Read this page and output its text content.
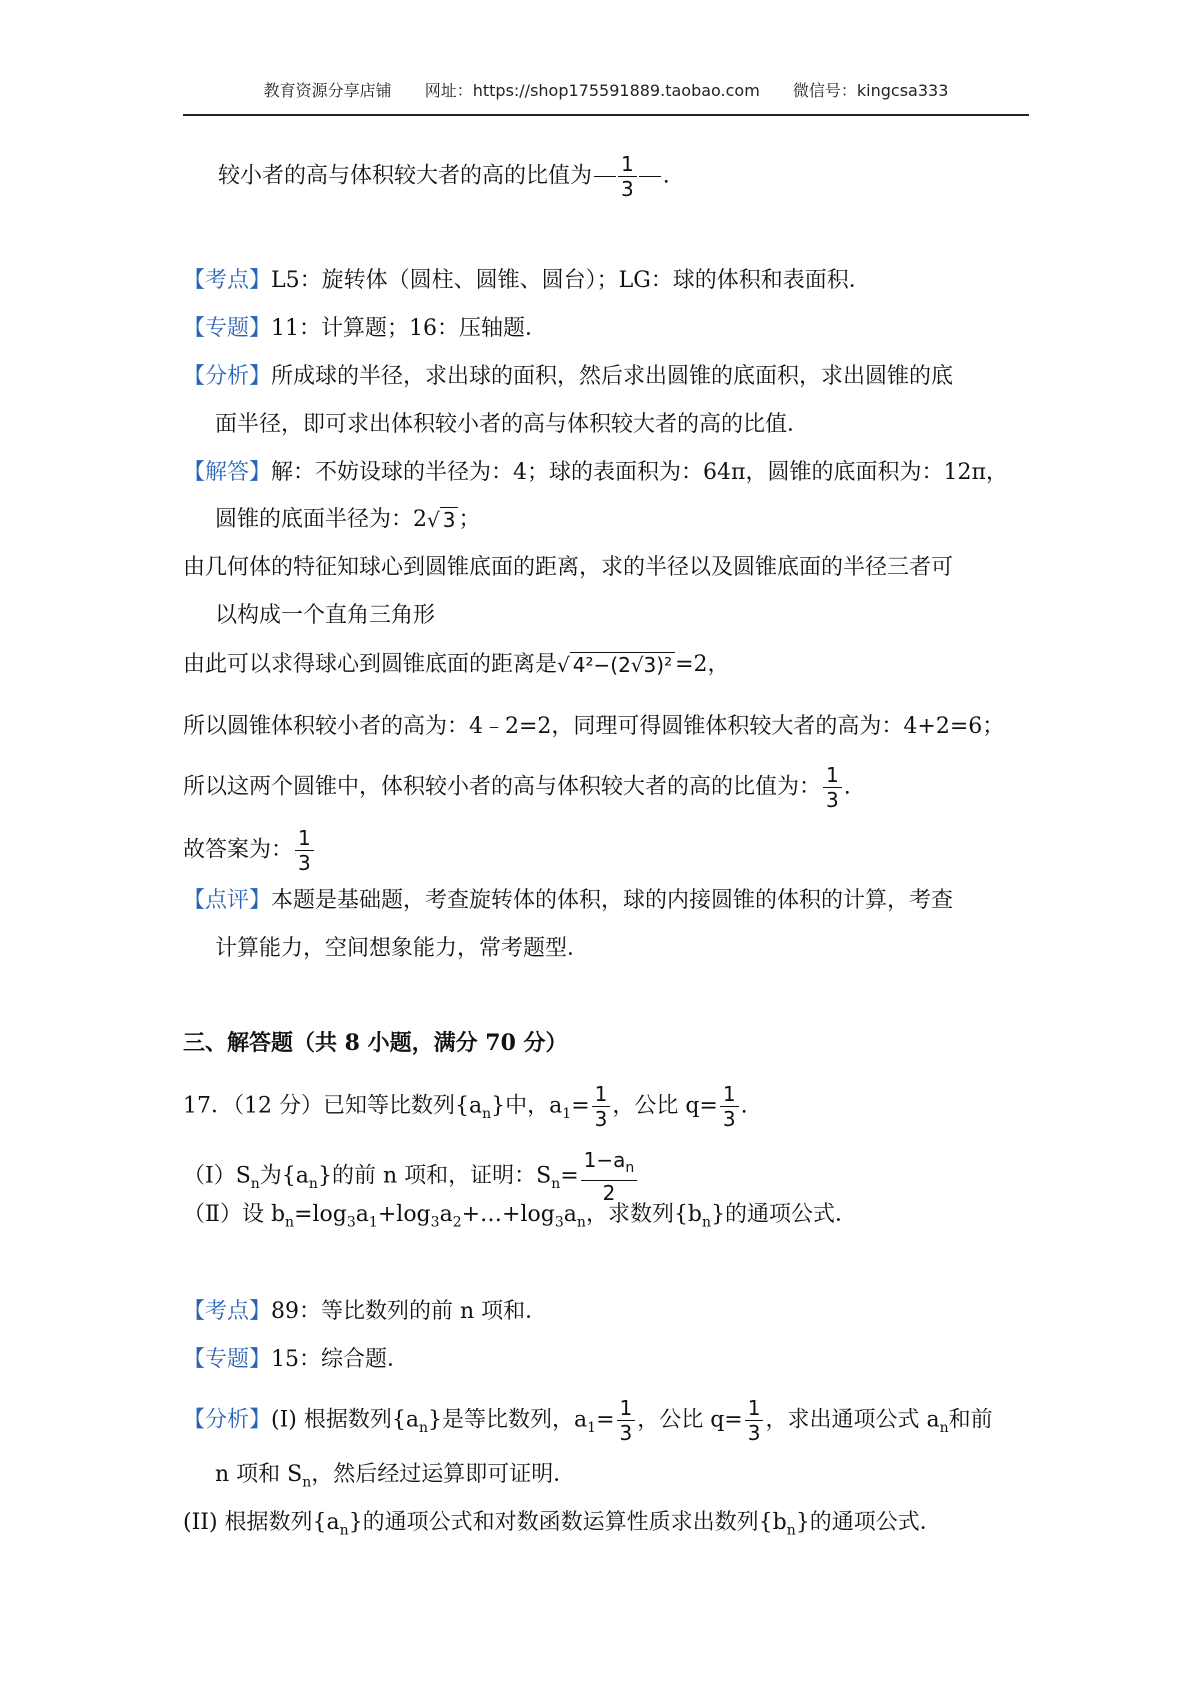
教育资源分享店铺 网址：https://shop175591889.taobao.com 微信号：kingcsa333
较小者的高与体积较大者的高的比值为 $\frac{1}{3}$ .
【考点】L5：旋转体（圆柱、圆锥、圆台）；LG：球的体积和表面积．
【专题】11：计算题；16：压轴题．
【分析】所成球的半径，求出球的面积，然后求出圆锥的底面积，求出圆锥的底
面半径，即可求出体积较小者的高与体积较大者的高的比值．
【解答】解：不妨设球的半径为：4；球的表面积为：64π，圆锥的底面积为：12π，
圆锥的底面半径为：2√ 3 ；
由几何体的特征知球心到圆锥底面的距离，求的半径以及圆锥底面的半径三者可
以构成一个直角三角形
由此可以求得球心到圆锥底面的距离是√ 4²−(2√3)² =2，
所以圆锥体积较小者的高为：4﹣2=2，同理可得圆锥体积较大者的高为：4+2=6；
所以这两个圆锥中，体积较小者的高与体积较大者的高的比值为： $\frac{1}{3}$ .
故答案为： $\frac{1}{3}$
【点评】本题是基础题，考查旋转体的体积，球的内接圆锥的体积的计算，考查
计算能力，空间想象能力，常考题型．
三、解答题（共 8 小题，满分 70 分）
17．（12 分）已知等比数列$\{a_n\}$中，$a_1= \frac{1}{3}$ ，公比 $q= \frac{1}{3}$ .
$(Ⅰ)S_n$为$\{a_n\}$的前 n 项和，证明：$S_n= \frac{1-a_n}{2}$
（Ⅱ）设 $b_n=\log_3a_1+\log_3a_2+\dots+\log_3a_n$，求数列$\{b_n\}$的通项公式．
【考点】89：等比数列的前 n 项和．
【专题】15：综合题．
【分析】(I) 根据数列$\{a_n\}$是等比数列，$a_1= \frac{1}{3}$ ，公比 $q= \frac{1}{3}$ ，求出通项公式 $a_n$和前
n 项和 $S_n$，然后经过运算即可证明．
(II) 根据数列$\{a_n\}$的通项公式和对数函数运算性质求出数列$\{b_n\}$的通项公式．
